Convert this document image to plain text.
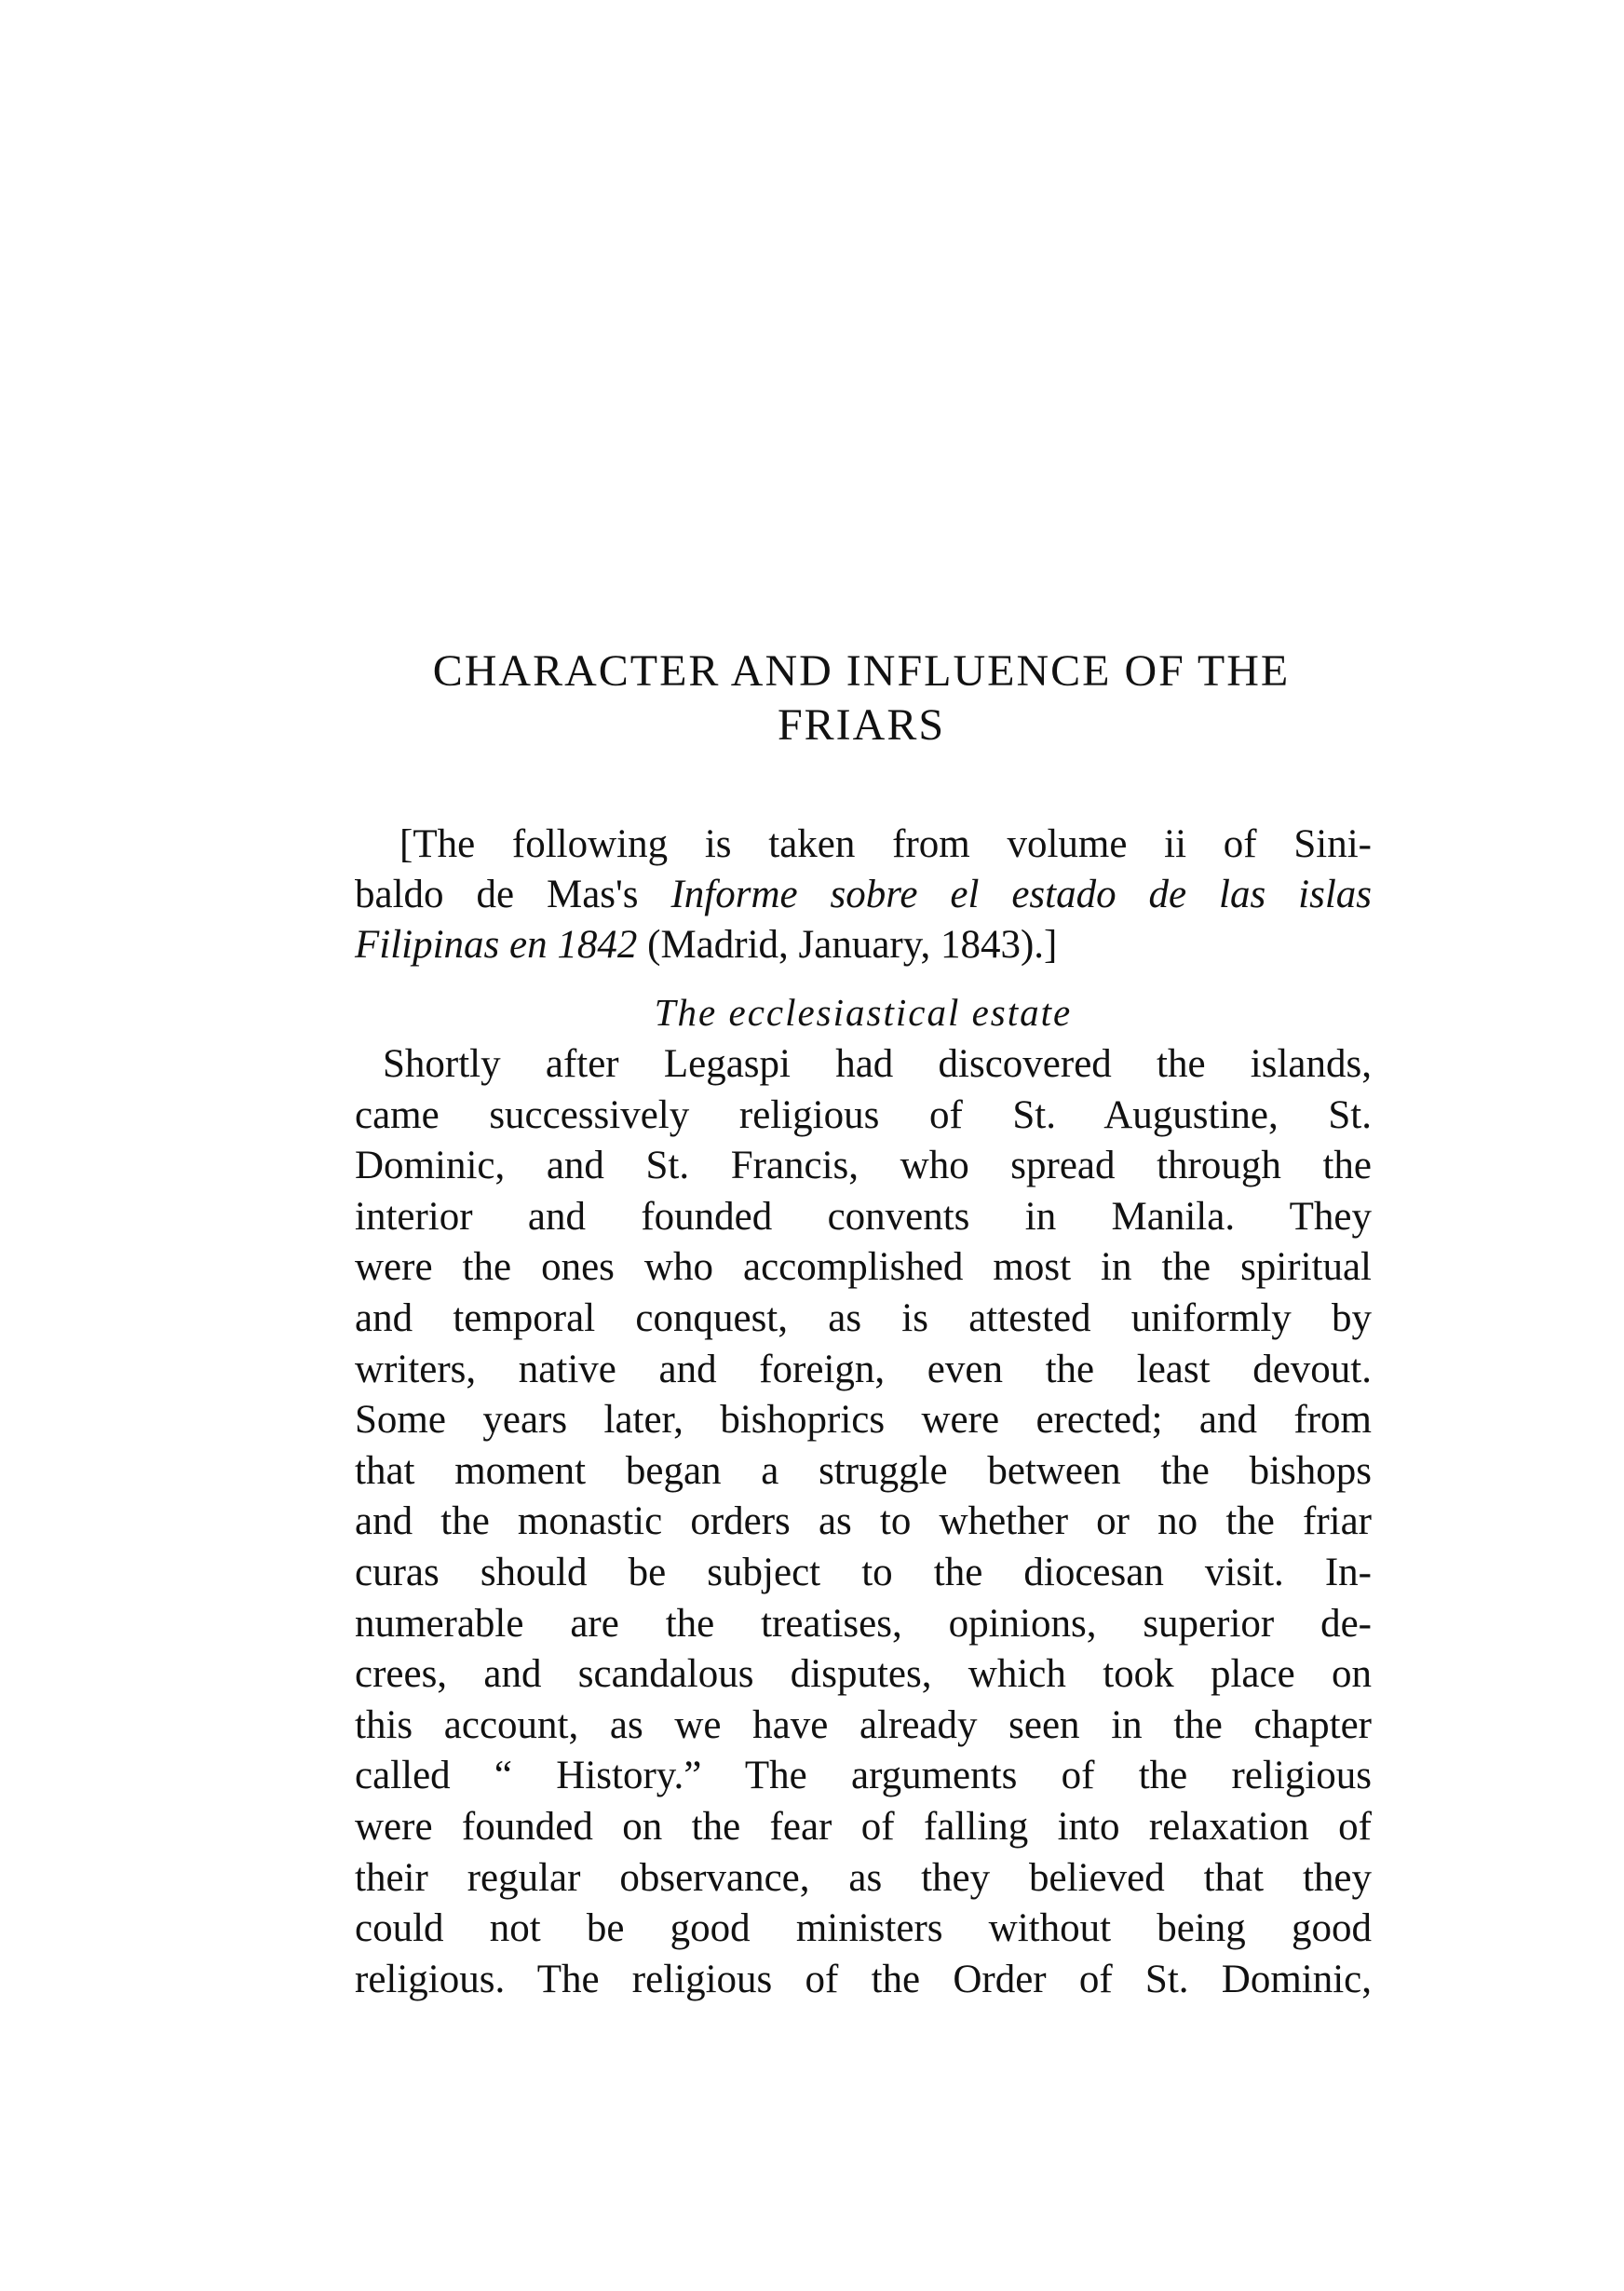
CHARACTER AND INFLUENCE OF THE
FRIARS
[The following is taken from volume ii of Sini-
baldo de Mas's Informe sobre el estado de las islas
Filipinas en 1842 (Madrid, January, 1843).]
The ecclesiastical estate
Shortly after Legaspi had discovered the islands,
came successively religious of St. Augustine, St.
Dominic, and St. Francis, who spread through the
interior and founded convents in Manila. They
were the ones who accomplished most in the spiritual
and temporal conquest, as is attested uniformly by
writers, native and foreign, even the least devout.
Some years later, bishoprics were erected; and from
that moment began a struggle between the bishops
and the monastic orders as to whether or no the friar
curas should be subject to the diocesan visit. In-
numerable are the treatises, opinions, superior de-
crees, and scandalous disputes, which took place on
this account, as we have already seen in the chapter
called “ History.” The arguments of the religious
were founded on the fear of falling into relaxation of
their regular observance, as they believed that they
could not be good ministers without being good
religious. The religious of the Order of St. Dominic,
